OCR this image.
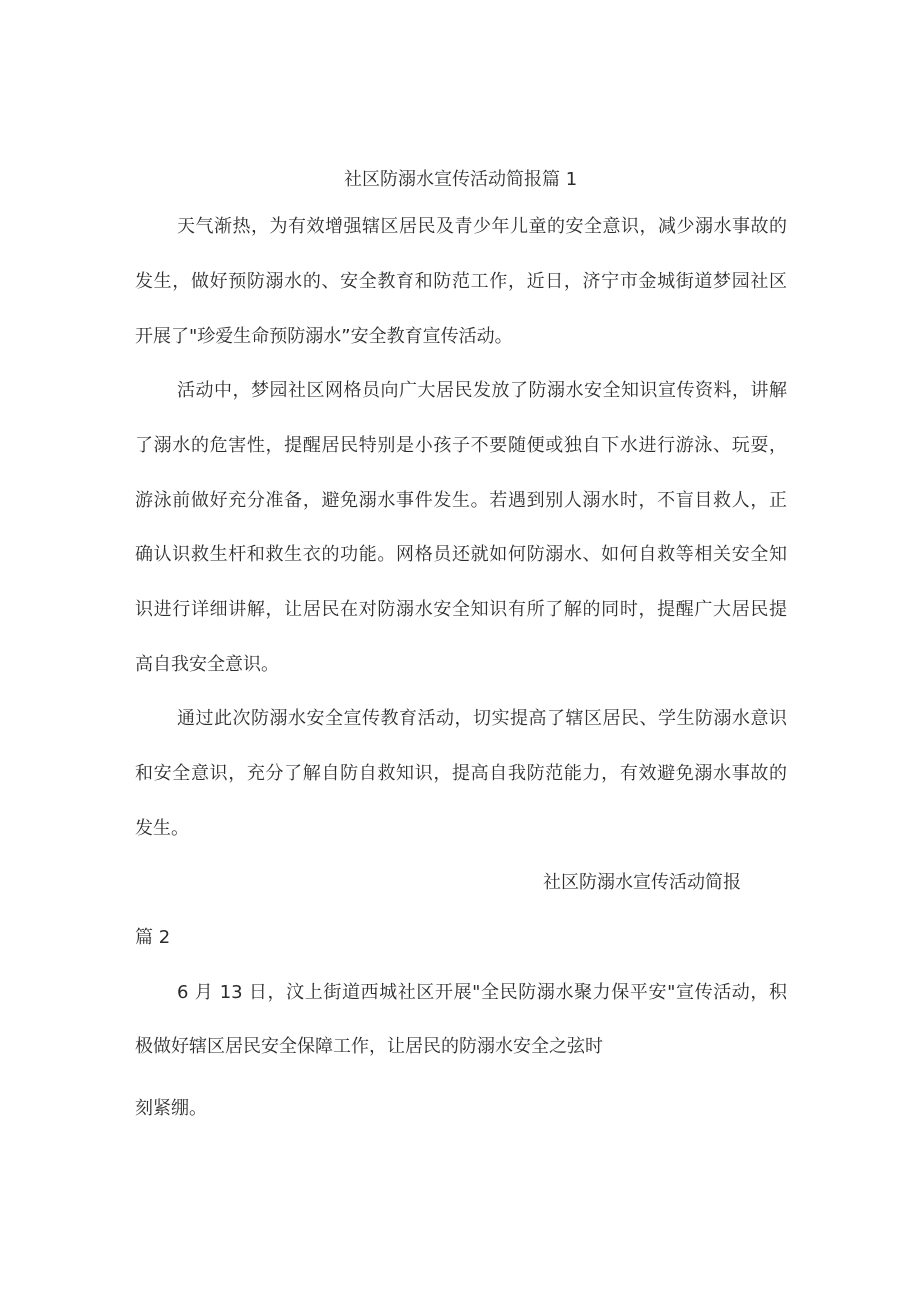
社区防溺水宣传活动简报篇 1
天气渐热，为有效增强辖区居民及青少年儿童的安全意识，减少溺水事故的
发生，做好预防溺水的、安全教育和防范工作，近日，济宁市金城街道梦园社区
开展了"珍爱生命预防溺水”安全教育宣传活动。
活动中，梦园社区网格员向广大居民发放了防溺水安全知识宣传资料，讲解
了溺水的危害性，提醒居民特别是小孩子不要随便或独自下水进行游泳、玩耍，
游泳前做好充分准备，避免溺水事件发生。若遇到别人溺水时，不盲目救人，正
确认识救生杆和救生衣的功能。网格员还就如何防溺水、如何自救等相关安全知
识进行详细讲解，让居民在对防溺水安全知识有所了解的同时，提醒广大居民提
高自我安全意识。
通过此次防溺水安全宣传教育活动，切实提高了辖区居民、学生防溺水意识
和安全意识，充分了解自防自救知识，提高自我防范能力，有效避免溺水事故的
发生。
社区防溺水宣传活动简报
篇 2
6 月 13 日，汶上街道西城社区开展"全民防溺水聚力保平安"宣传活动，积
极做好辖区居民安全保障工作，让居民的防溺水安全之弦时
刻紧绷。
